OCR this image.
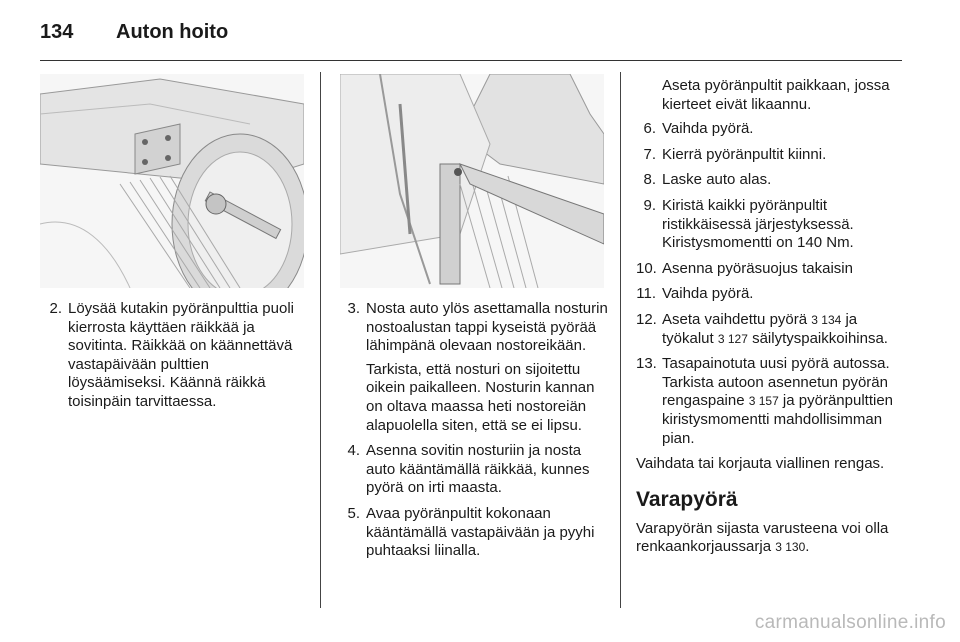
134 Auton hoito
2. Löysää kutakin pyöränpulttia puoli kierrosta käyttäen räikkää ja sovitinta. Räikkää on käännettävä vastapäivään pulttien löysäämiseksi. Käännä räikkä toisinpäin tarvittaessa.
3. Nosta auto ylös asettamalla nosturin nostoalustan tappi kyseistä pyörää lähimpänä olevaan nostoreikään.
Tarkista, että nosturi on sijoitettu oikein paikalleen. Nosturin kannan on oltava maassa heti nostoreiän alapuolella siten, että se ei lipsu.
4. Asenna sovitin nosturiin ja nosta auto kääntämällä räikkää, kunnes pyörä on irti maasta.
5. Avaa pyöränpultit kokonaan kääntämällä vastapäivään ja pyyhi puhtaaksi liinalla.
Aseta pyöränpultit paikkaan, jossa kierteet eivät likaannu.
6. Vaihda pyörä.
7. Kierrä pyöränpultit kiinni.
8. Laske auto alas.
9. Kiristä kaikki pyöränpultit ristikkäisessä järjestyksessä. Kiristysmomentti on 140 Nm.
10. Asenna pyöräsuojus takaisin
11. Vaihda pyörä.
12. Aseta vaihdettu pyörä 3 134 ja työkalut 3 127 säilytyspaikkoihinsa.
13. Tasapainotuta uusi pyörä autossa. Tarkista autoon asennetun pyörän rengaspaine 3 157 ja pyöränpulttien kiristysmomentti mahdollisimman pian.
Vaihdata tai korjauta viallinen rengas.
Varapyörä
Varapyörän sijasta varusteena voi olla renkaankorjaussarja 3 130.
carmanualsonline.info
